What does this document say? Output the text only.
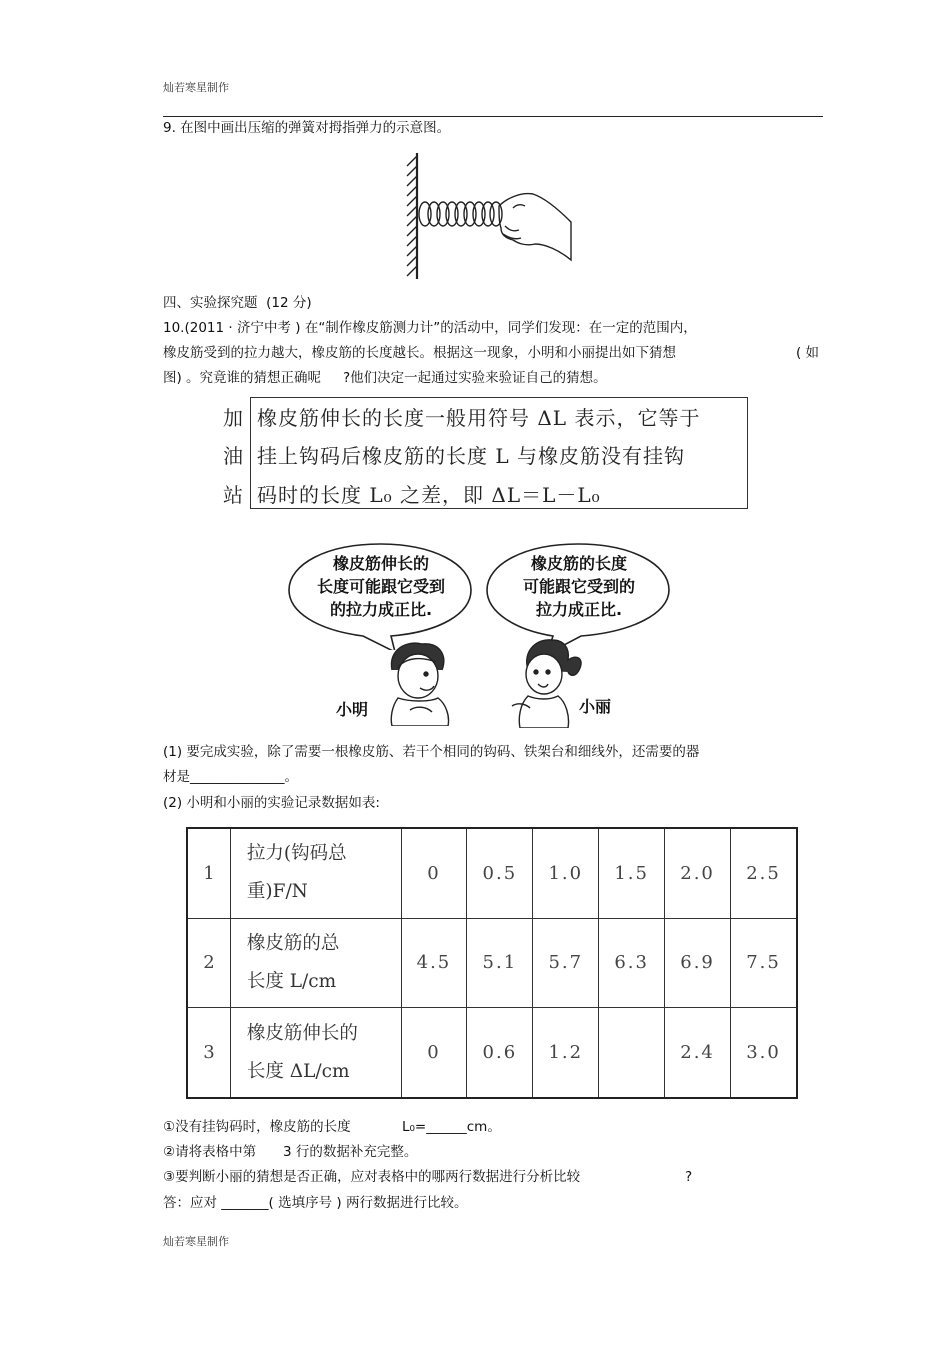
灿若寒星制作
灿若寒星制作
9. 在图中画出压缩的弹簧对拇指弹力的示意图。
四、实验探究题 (12 分)
10.(2011 · 济宁中考 ) 在“制作橡皮筋测力计”的活动中，同学们发现：在一定的范围内，
橡皮筋受到的拉力越大，橡皮筋的长度越长。根据这一现象，小明和小丽提出如下猜想	( 如
图) 。究竟谁的猜想正确呢 ?他们决定一起通过实验来验证自己的猜想。
加
油
站
橡皮筋伸长的长度一般用符号 ΔL 表示，它等于
挂上钩码后橡皮筋的长度 L 与橡皮筋没有挂钩
码时的长度 L₀ 之差，即 ΔL＝L－L₀
橡皮筋伸长的
长度可能跟它受到
的拉力成正比.
橡皮筋的长度
可能跟它受到的
拉力成正比.
小明	小丽
(1) 要完成实验，除了需要一根橡皮筋、若干个相同的钩码、铁架台和细线外，还需要的器
材是______________。
(2) 小明和小丽的实验记录数据如表:
1	拉力(钩码总
重)F/N	0	0.5	1.0	1.5	2.0	2.5
2	橡皮筋的总
长度 L/cm	4.5	5.1	5.7	6.3	6.9	7.5
3	橡皮筋伸长的
长度 ΔL/cm	0	0.6	1.2		2.4	3.0
①没有挂钩码时，橡皮筋的长度	L₀=______cm。
②请将表格中第 3 行的数据补充完整。
③要判断小丽的猜想是否正确，应对表格中的哪两行数据进行分析比较	?
答：应对 _______( 选填序号 ) 两行数据进行比较。
